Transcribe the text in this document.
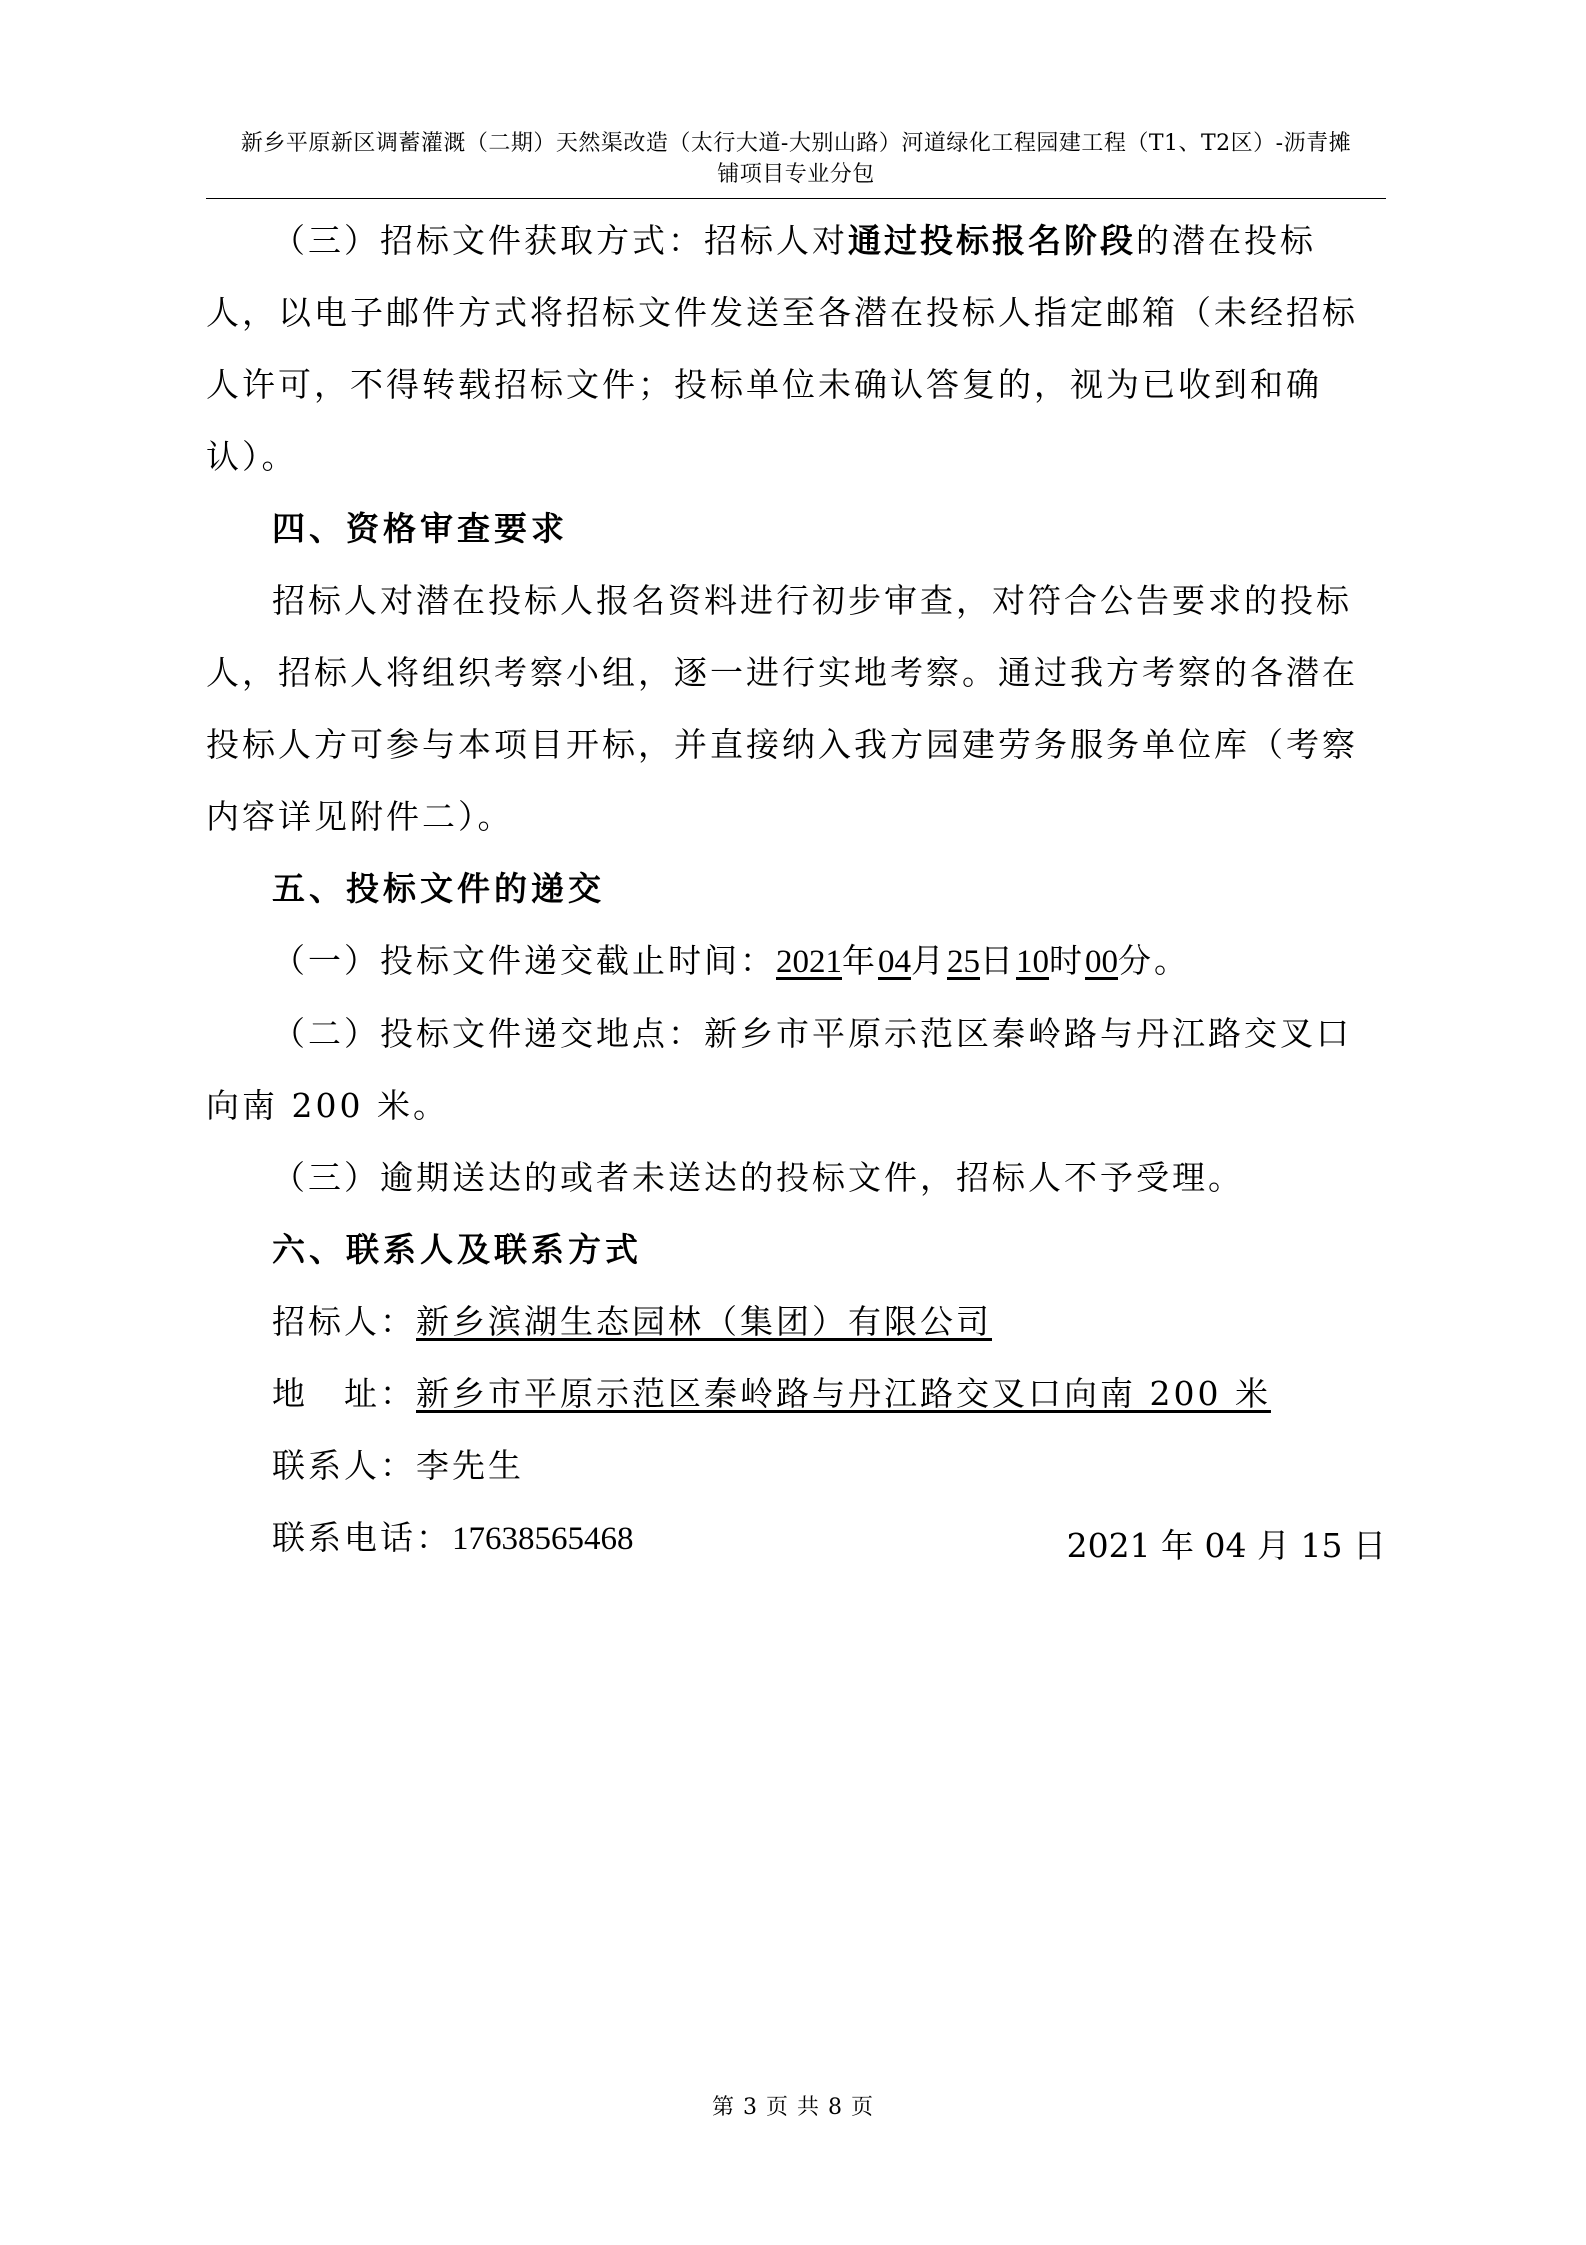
新乡平原新区调蓄灌溉（二期）天然渠改造（太行大道-大别山路）河道绿化工程园建工程（T1、T2区）-沥青摊
铺项目专业分包

（三）招标文件获取方式：招标人对通过投标报名阶段的潜在投标人，以电子邮件方式将招标文件发送至各潜在投标人指定邮箱（未经招标人许可，不得转载招标文件；投标单位未确认答复的，视为已收到和确认）。

四、资格审查要求

招标人对潜在投标人报名资料进行初步审查，对符合公告要求的投标人，招标人将组织考察小组，逐一进行实地考察。通过我方考察的各潜在投标人方可参与本项目开标，并直接纳入我方园建劳务服务单位库（考察内容详见附件二）。

五、投标文件的递交

（一）投标文件递交截止时间：2021年04月25日10时00分。

（二）投标文件递交地点：新乡市平原示范区秦岭路与丹江路交叉口向南 200 米。

（三）逾期送达的或者未送达的投标文件，招标人不予受理。

六、联系人及联系方式

招标人：新乡滨湖生态园林（集团）有限公司

地　址：新乡市平原示范区秦岭路与丹江路交叉口向南 200 米

联系人：李先生

联系电话：17638565468	2021 年 04 月 15 日
第 3 页 共 8 页
